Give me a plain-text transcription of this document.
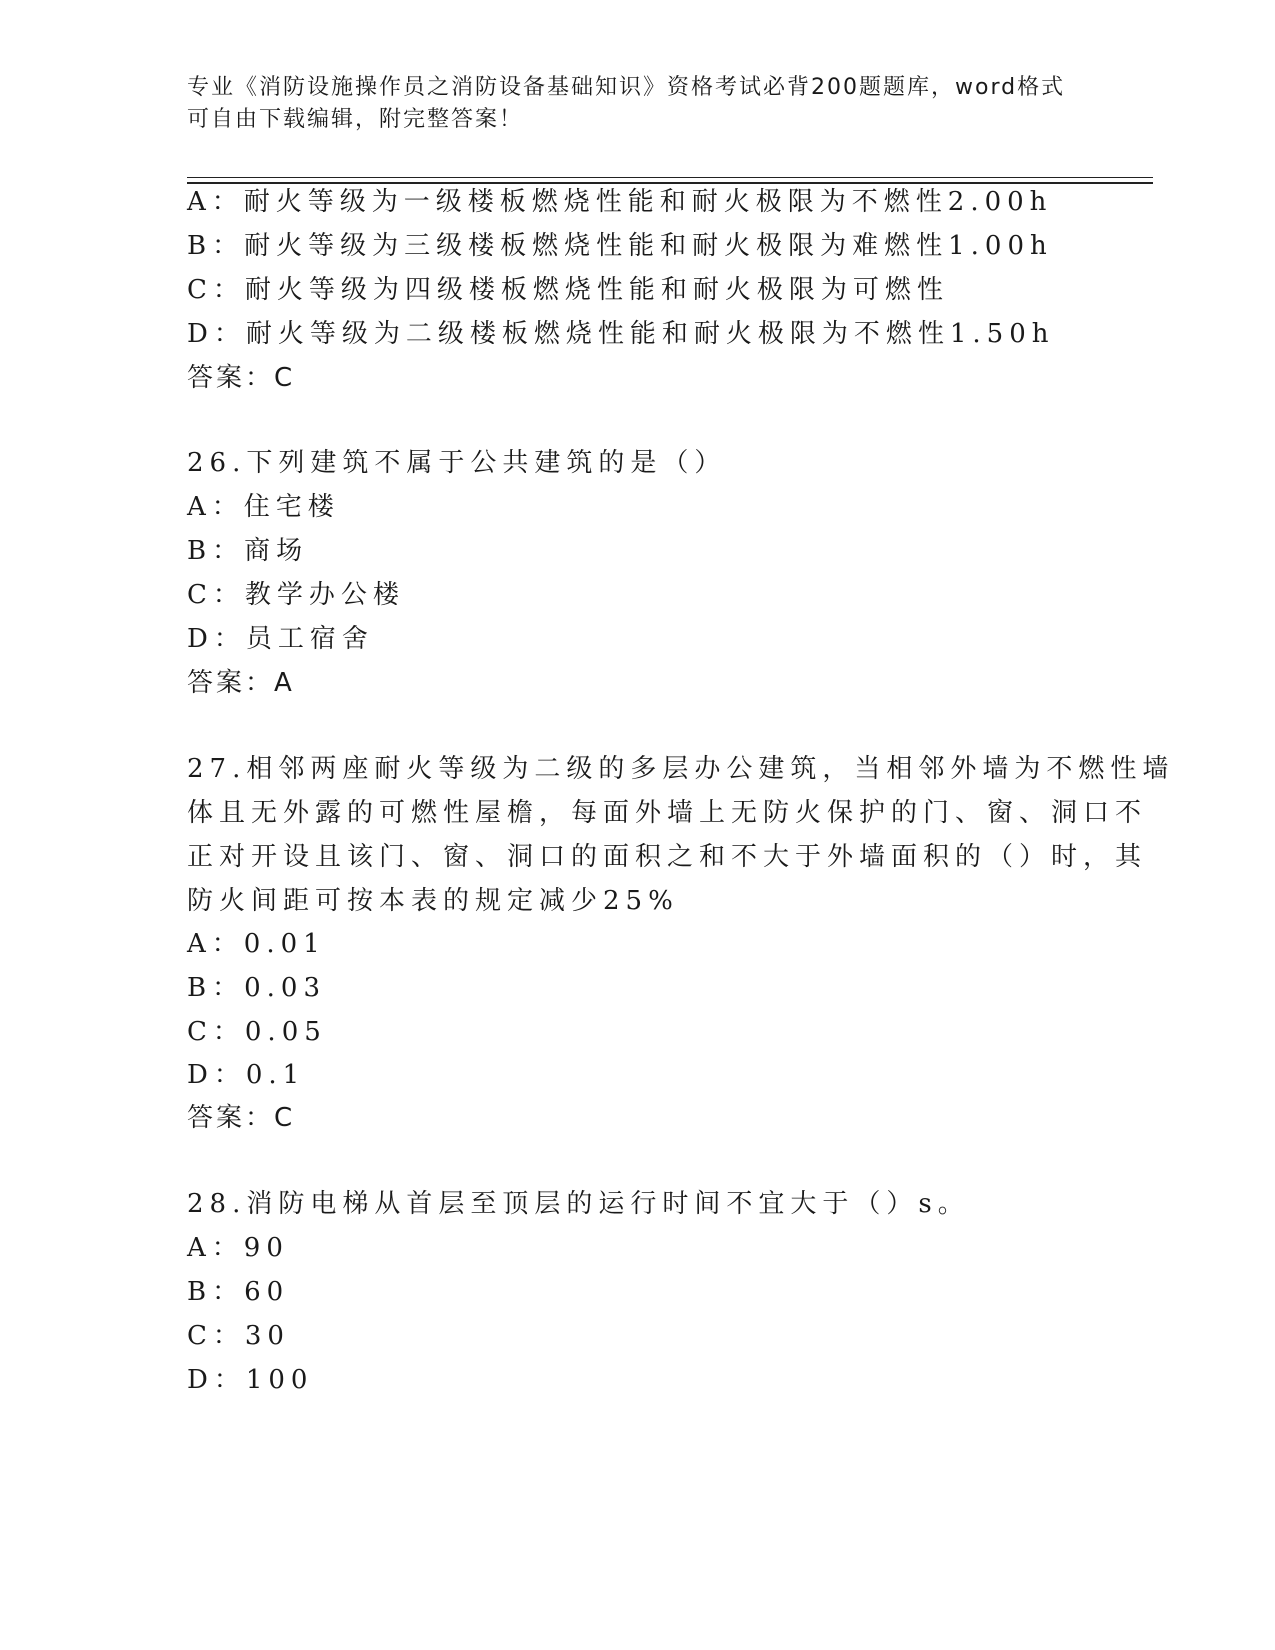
专业《消防设施操作员之消防设备基础知识》资格考试必背200题题库，word格式可自由下载编辑，附完整答案！
A：耐火等级为一级楼板燃烧性能和耐火极限为不燃性2.00h
B：耐火等级为三级楼板燃烧性能和耐火极限为难燃性1.00h
C：耐火等级为四级楼板燃烧性能和耐火极限为可燃性
D：耐火等级为二级楼板燃烧性能和耐火极限为不燃性1.50h
答案：C
26.下列建筑不属于公共建筑的是（）
A：住宅楼
B：商场
C：教学办公楼
D：员工宿舍
答案：A
27.相邻两座耐火等级为二级的多层办公建筑，当相邻外墙为不燃性墙
体且无外露的可燃性屋檐，每面外墙上无防火保护的门、窗、洞口不
正对开设且该门、窗、洞口的面积之和不大于外墙面积的（）时，其
防火间距可按本表的规定减少25%
A：0.01
B：0.03
C：0.05
D：0.1
答案：C
28.消防电梯从首层至顶层的运行时间不宜大于（）s。
A：90
B：60
C：30
D：100
